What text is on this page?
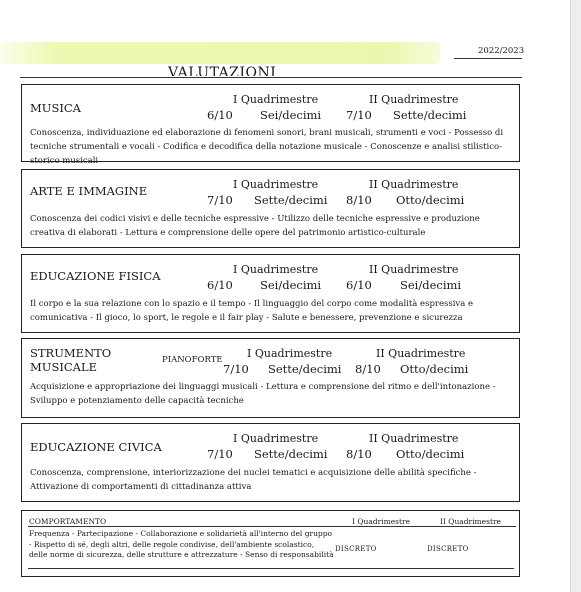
2022/2023
VALUTAZIONI
MUSICA
I Quadrimestre	II Quadrimestre
6/10 Sei/decimi 7/10 Sette/decimi
Conoscenza, individuazione ed elaborazione di fenomeni sonori, brani musicali, strumenti e voci - Possesso di tecniche strumentali e vocali - Codifica e decodifica della notazione musicale - Conoscenze e analisi stilistico-storico musicali
ARTE E IMMAGINE	I Quadrimestre	II Quadrimestre
7/10 Sette/decimi 8/10 Otto/decimi
Conoscenza dei codici visivi e delle tecniche espressive - Utilizzo delle tecniche espressive e produzione creativa di elaborati - Lettura e comprensione delle opere del patrimonio artistico-culturale
EDUCAZIONE FISICA	I Quadrimestre	II Quadrimestre
6/10 Sei/decimi 6/10 Sei/decimi
Il corpo e la sua relazione con lo spazio e il tempo - Il linguaggio del corpo come modalità espressiva e comunicativa - Il gioco, lo sport, le regole e il fair play - Salute e benessere, prevenzione e sicurezza
STRUMENTO
MUSICALE	PIANOFORTE I Quadrimestre	II Quadrimestre
7/10 Sette/decimi 8/10 Otto/decimi
Acquisizione e appropriazione dei linguaggi musicali - Lettura e comprensione del ritmo e dell'intonazione - Sviluppo e potenziamento delle capacità tecniche
EDUCAZIONE CIVICA
I Quadrimestre	II Quadrimestre
7/10 Sette/decimi 8/10 Otto/decimi
Conoscenza, comprensione, interiorizzazione dei nuclei tematici e acquisizione delle abilità specifiche - Attivazione di comportamenti di cittadinanza attiva
COMPORTAMENTO	I Quadrimestre	II Quadrimestre
Frequenza - Partecipazione - Collaborazione e solidarietà all'interno del gruppo - Rispetto di sé, degli altri, delle regole condivise, dell'ambiente scolastico, delle norme di sicurezza, delle strutture e attrezzature - Senso di responsabilità
DISCRETO	DISCRETO
